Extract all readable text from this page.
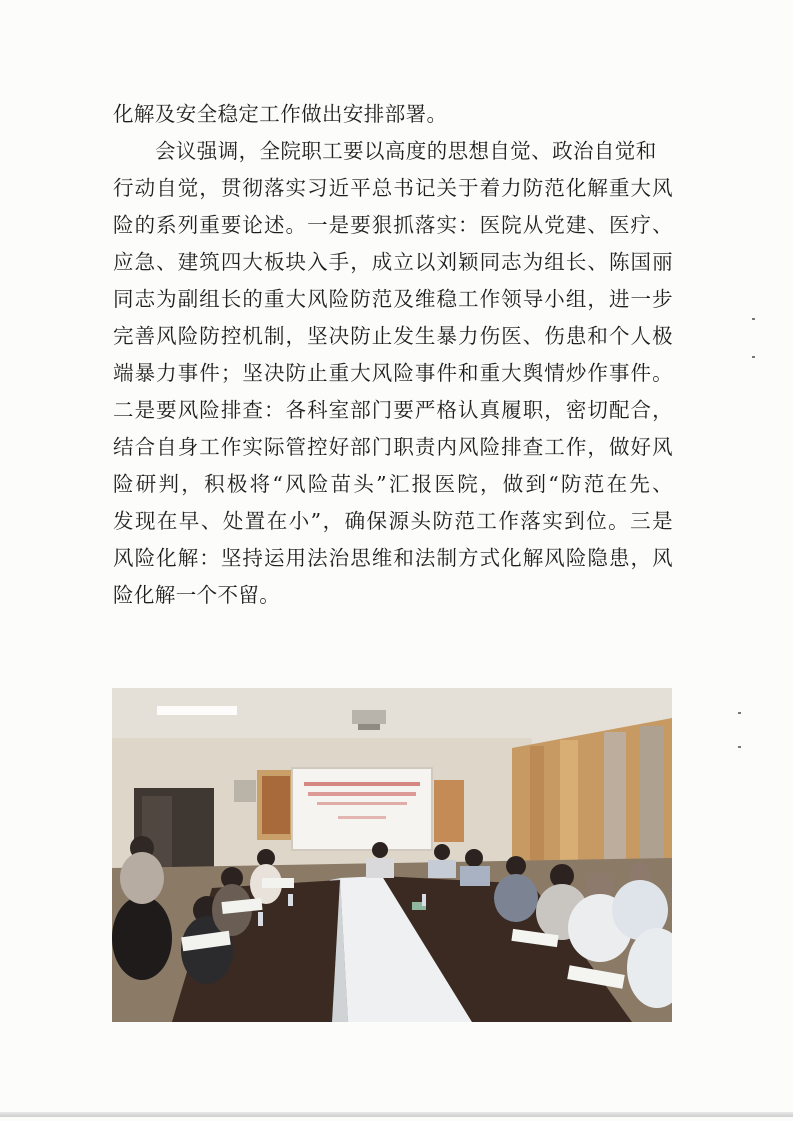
化解及安全稳定工作做出安排部署。
会议强调，全院职工要以高度的思想自觉、政治自觉和
行动自觉，贯彻落实习近平总书记关于着力防范化解重大风
险的系列重要论述。一是要狠抓落实：医院从党建、医疗、
应急、建筑四大板块入手，成立以刘颖同志为组长、陈国丽
同志为副组长的重大风险防范及维稳工作领导小组，进一步
完善风险防控机制，坚决防止发生暴力伤医、伤患和个人极
端暴力事件；坚决防止重大风险事件和重大舆情炒作事件。
二是要风险排查：各科室部门要严格认真履职，密切配合，
结合自身工作实际管控好部门职责内风险排查工作，做好风
险研判，积极将“风险苗头”汇报医院，做到“防范在先、
发现在早、处置在小”，确保源头防范工作落实到位。三是
风险化解：坚持运用法治思维和法制方式化解风险隐患，风
险化解一个不留。
